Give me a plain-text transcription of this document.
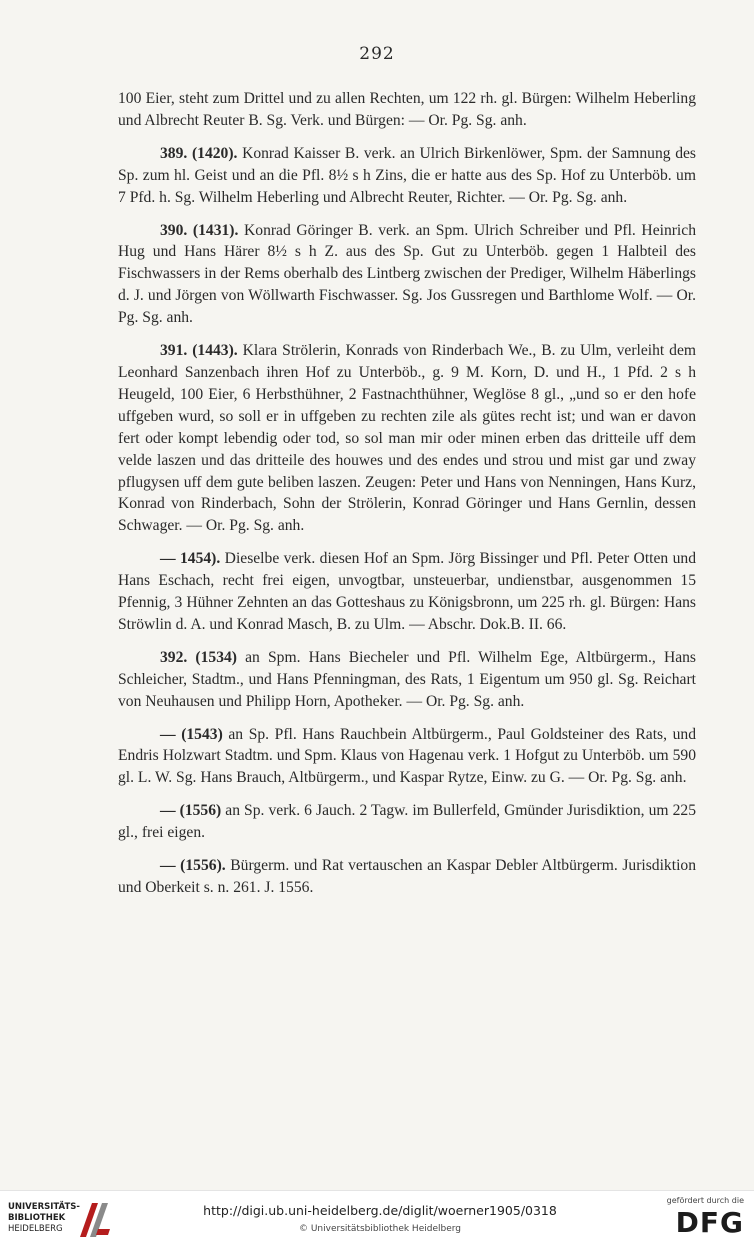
292

100 Eier, steht zum Drittel und zu allen Rechten, um 122 rh. gl. Bürgen: Wilhelm Heberling und Albrecht Reuter B. Sg. Verk. und Bürgen: — Or. Pg. Sg. anh.

389. (1420). Konrad Kaisser B. verk. an Ulrich Birkenlöwer, Spm. der Samnung des Sp. zum hl. Geist und an die Pfl. 8½ s h Zins, die er hatte aus des Sp. Hof zu Unterböb. um 7 Pfd. h. Sg. Wilhelm Heberling und Albrecht Reuter, Richter. — Or. Pg. Sg. anh.

390. (1431). Konrad Göringer B. verk. an Spm. Ulrich Schreiber und Pfl. Heinrich Hug und Hans Härer 8½ s h Z. aus des Sp. Gut zu Unterböb. gegen 1 Halbteil des Fischwassers in der Rems oberhalb des Lintberg zwischen der Prediger, Wilhelm Häberlings d. J. und Jörgen von Wöllwarth Fischwasser. Sg. Jos Gussregen und Barthlome Wolf. — Or. Pg. Sg. anh.

391. (1443). Klara Strölerin, Konrads von Rinderbach We., B. zu Ulm, verleiht dem Leonhard Sanzenbach ihren Hof zu Unterböb., g. 9 M. Korn, D. und H., 1 Pfd. 2 s h Heugeld, 100 Eier, 6 Herbsthühner, 2 Fastnachthühner, Weglöse 8 gl., „und so er den hofe uffgeben wurd, so soll er in uffgeben zu rechten zile als gütes recht ist; und wan er davon fert oder kompt lebendig oder tod, so sol man mir oder minen erben das dritteile uff dem velde laszen und das dritteile des houwes und des endes und strou und mist gar und zway pflugysen uff dem gute beliben laszen. Zeugen: Peter und Hans von Nenningen, Hans Kurz, Konrad von Rinderbach, Sohn der Strölerin, Konrad Göringer und Hans Gernlin, dessen Schwager. — Or. Pg. Sg. anh.

— 1454). Dieselbe verk. diesen Hof an Spm. Jörg Bissinger und Pfl. Peter Otten und Hans Eschach, recht frei eigen, unvogtbar, unsteuerbar, undienstbar, ausgenommen 15 Pfennig, 3 Hühner Zehnten an das Gotteshaus zu Königsbronn, um 225 rh. gl. Bürgen: Hans Ströwlin d. A. und Konrad Masch, B. zu Ulm. — Abschr. Dok.B. II. 66.

392. (1534) an Spm. Hans Biecheler und Pfl. Wilhelm Ege, Altbürgerm., Hans Schleicher, Stadtm., und Hans Pfenningman, des Rats, 1 Eigentum um 950 gl. Sg. Reichart von Neuhausen und Philipp Horn, Apotheker. — Or. Pg. Sg. anh.

— (1543) an Sp. Pfl. Hans Rauchbein Altbürgerm., Paul Goldsteiner des Rats, und Endris Holzwart Stadtm. und Spm. Klaus von Hagenau verk. 1 Hofgut zu Unterböb. um 590 gl. L. W. Sg. Hans Brauch, Altbürgerm., und Kaspar Rytze, Einw. zu G. — Or. Pg. Sg. anh.

— (1556) an Sp. verk. 6 Jauch. 2 Tagw. im Bullerfeld, Gmünder Jurisdiktion, um 225 gl., frei eigen.

— (1556). Bürgerm. und Rat vertauschen an Kaspar Debler Altbürgerm. Jurisdiktion und Oberkeit s. n. 261. J. 1556.

UNIVERSITÄTS-
BIBLIOTHEK
HEIDELBERG
http://digi.ub.uni-heidelberg.de/diglit/woerner1905/0318
© Universitätsbibliothek Heidelberg
gefördert durch die
DFG
